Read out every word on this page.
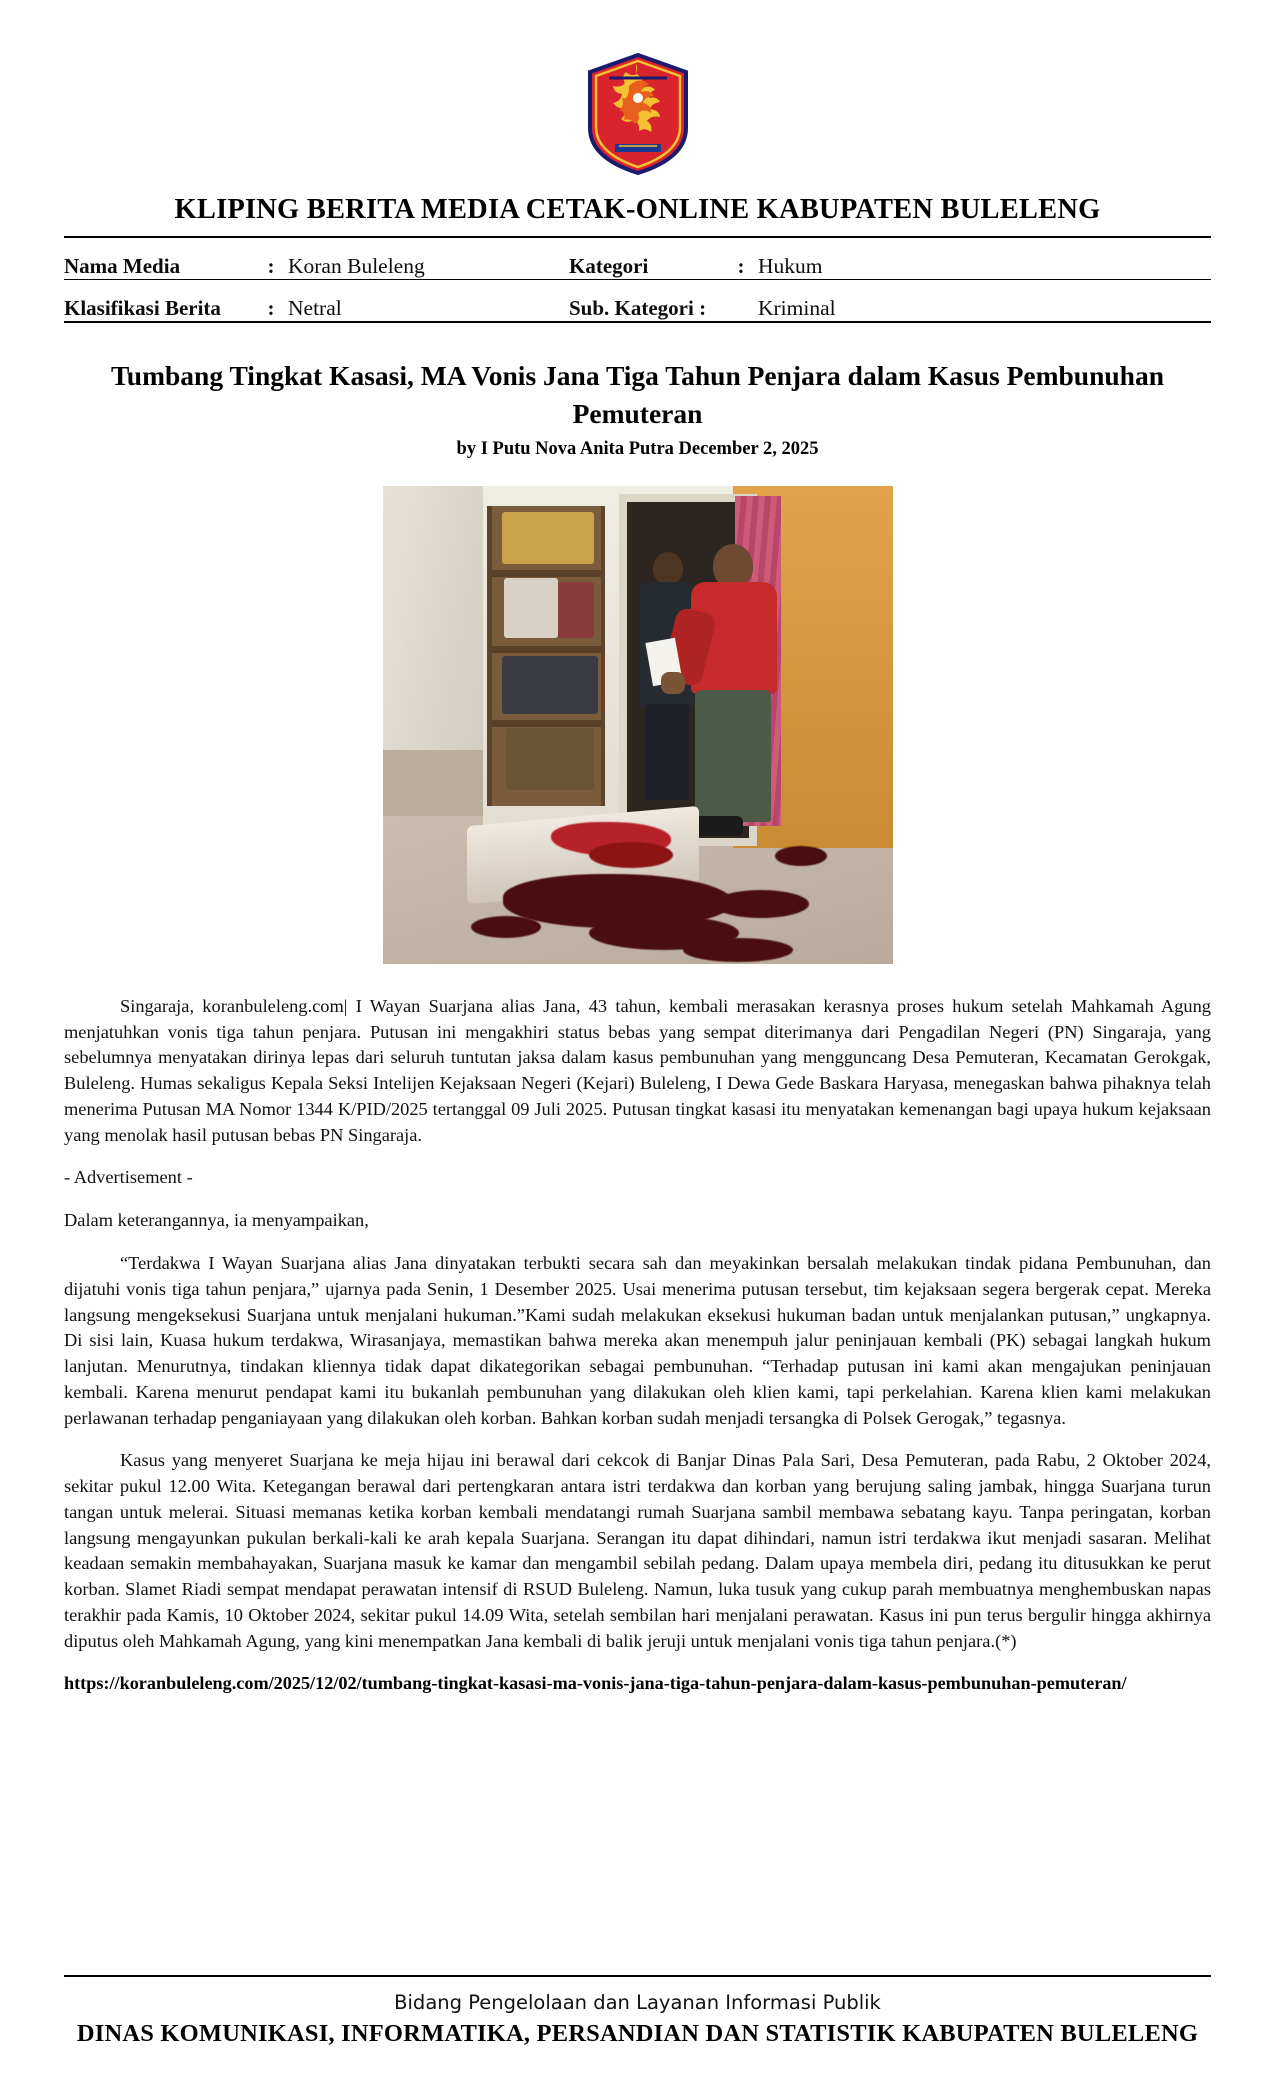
KLIPING BERITA MEDIA CETAK-ONLINE KABUPATEN BULELENG
Nama Media	: Koran Buleleng	Kategori	: Hukum
Klasifikasi Berita	: Netral	Sub. Kategori :	Kriminal
Tumbang Tingkat Kasasi, MA Vonis Jana Tiga Tahun Penjara dalam Kasus Pembunuhan Pemuteran
by I Putu Nova Anita Putra December 2, 2025

Singaraja, koranbuleleng.com| I Wayan Suarjana alias Jana, 43 tahun, kembali merasakan kerasnya proses hukum setelah Mahkamah Agung menjatuhkan vonis tiga tahun penjara. Putusan ini mengakhiri status bebas yang sempat diterimanya dari Pengadilan Negeri (PN) Singaraja, yang sebelumnya menyatakan dirinya lepas dari seluruh tuntutan jaksa dalam kasus pembunuhan yang mengguncang Desa Pemuteran, Kecamatan Gerokgak, Buleleng. Humas sekaligus Kepala Seksi Intelijen Kejaksaan Negeri (Kejari) Buleleng, I Dewa Gede Baskara Haryasa, menegaskan bahwa pihaknya telah menerima Putusan MA Nomor 1344 K/PID/2025 tertanggal 09 Juli 2025. Putusan tingkat kasasi itu menyatakan kemenangan bagi upaya hukum kejaksaan yang menolak hasil putusan bebas PN Singaraja.

- Advertisement -

Dalam keterangannya, ia menyampaikan,

“Terdakwa I Wayan Suarjana alias Jana dinyatakan terbukti secara sah dan meyakinkan bersalah melakukan tindak pidana Pembunuhan, dan dijatuhi vonis tiga tahun penjara,” ujarnya pada Senin, 1 Desember 2025. Usai menerima putusan tersebut, tim kejaksaan segera bergerak cepat. Mereka langsung mengeksekusi Suarjana untuk menjalani hukuman.”Kami sudah melakukan eksekusi hukuman badan untuk menjalankan putusan,” ungkapnya. Di sisi lain, Kuasa hukum terdakwa, Wirasanjaya, memastikan bahwa mereka akan menempuh jalur peninjauan kembali (PK) sebagai langkah hukum lanjutan. Menurutnya, tindakan kliennya tidak dapat dikategorikan sebagai pembunuhan. “Terhadap putusan ini kami akan mengajukan peninjauan kembali. Karena menurut pendapat kami itu bukanlah pembunuhan yang dilakukan oleh klien kami, tapi perkelahian. Karena klien kami melakukan perlawanan terhadap penganiayaan yang dilakukan oleh korban. Bahkan korban sudah menjadi tersangka di Polsek Gerogak,” tegasnya.

Kasus yang menyeret Suarjana ke meja hijau ini berawal dari cekcok di Banjar Dinas Pala Sari, Desa Pemuteran, pada Rabu, 2 Oktober 2024, sekitar pukul 12.00 Wita. Ketegangan berawal dari pertengkaran antara istri terdakwa dan korban yang berujung saling jambak, hingga Suarjana turun tangan untuk melerai. Situasi memanas ketika korban kembali mendatangi rumah Suarjana sambil membawa sebatang kayu. Tanpa peringatan, korban langsung mengayunkan pukulan berkali-kali ke arah kepala Suarjana. Serangan itu dapat dihindari, namun istri terdakwa ikut menjadi sasaran. Melihat keadaan semakin membahayakan, Suarjana masuk ke kamar dan mengambil sebilah pedang. Dalam upaya membela diri, pedang itu ditusukkan ke perut korban. Slamet Riadi sempat mendapat perawatan intensif di RSUD Buleleng. Namun, luka tusuk yang cukup parah membuatnya menghembuskan napas terakhir pada Kamis, 10 Oktober 2024, sekitar pukul 14.09 Wita, setelah sembilan hari menjalani perawatan. Kasus ini pun terus bergulir hingga akhirnya diputus oleh Mahkamah Agung, yang kini menempatkan Jana kembali di balik jeruji untuk menjalani vonis tiga tahun penjara.(*)

https://koranbuleleng.com/2025/12/02/tumbang-tingkat-kasasi-ma-vonis-jana-tiga-tahun-penjara-dalam-kasus-pembunuhan-pemuteran/
Bidang Pengelolaan dan Layanan Informasi Publik
DINAS KOMUNIKASI, INFORMATIKA, PERSANDIAN DAN STATISTIK KABUPATEN BULELENG
